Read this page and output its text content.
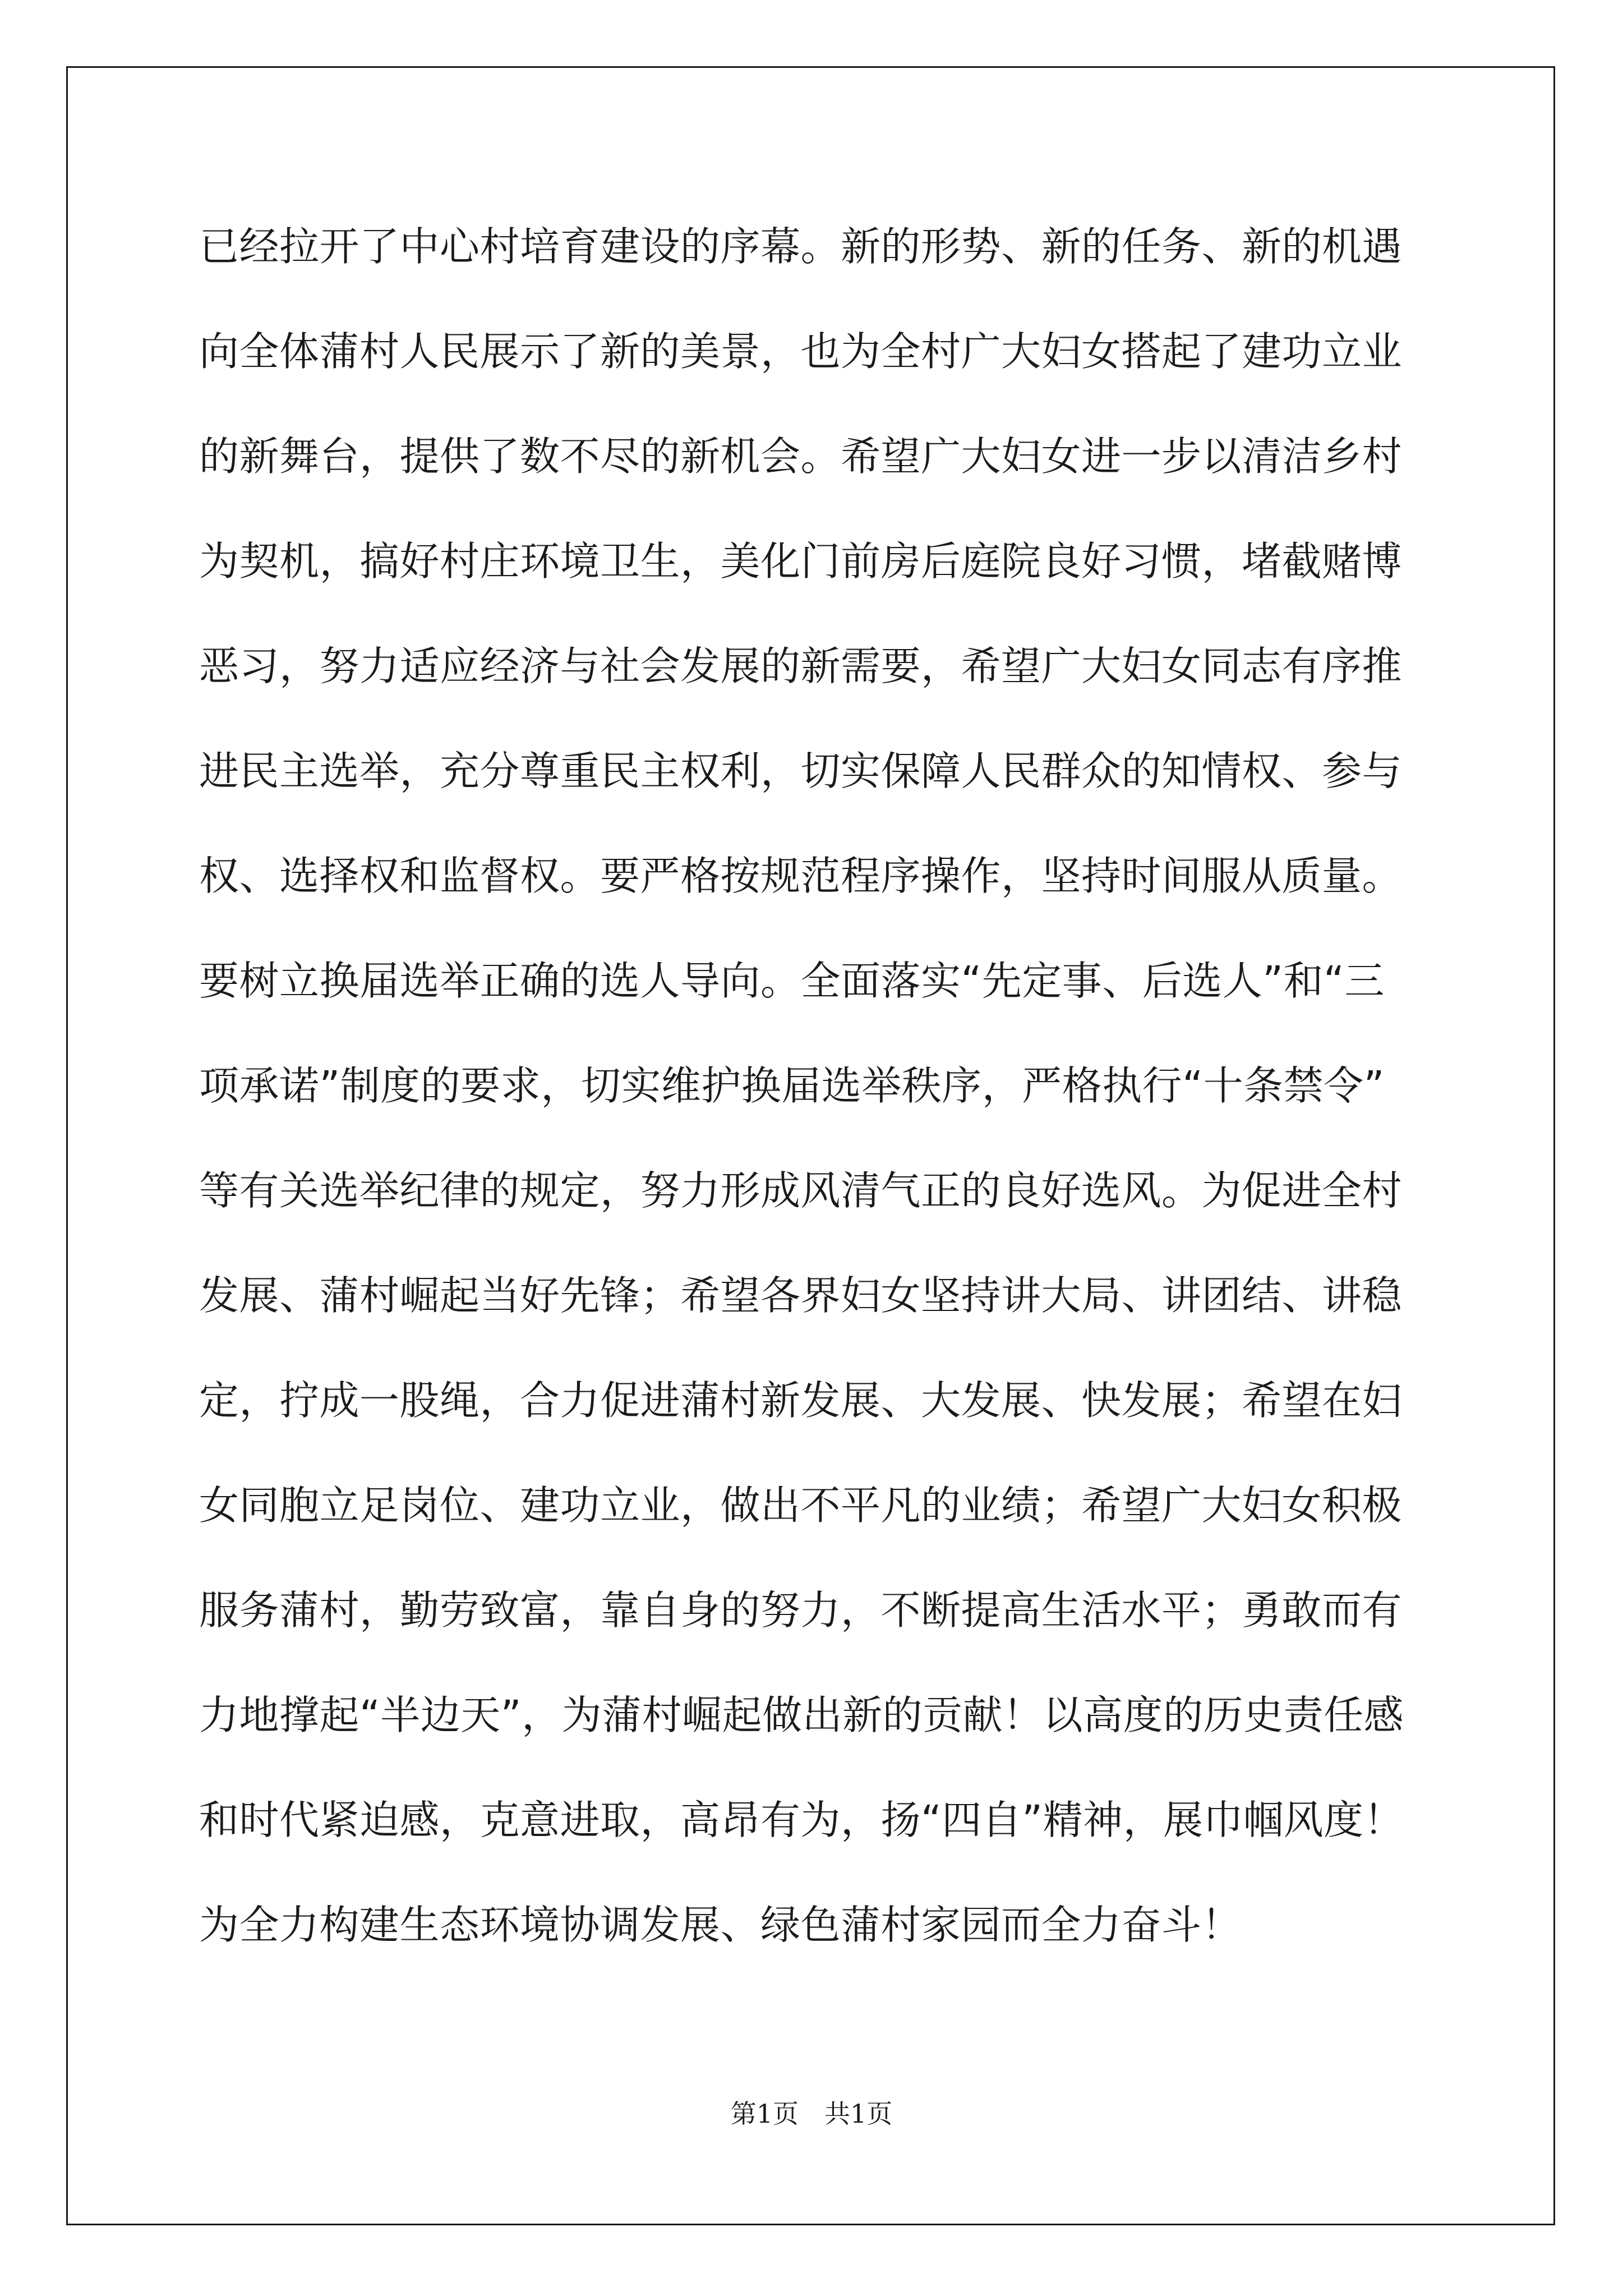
已经拉开了中心村培育建设的序幕。新的形势、新的任务、新的机遇
向全体蒲村人民展示了新的美景，也为全村广大妇女搭起了建功立业
的新舞台，提供了数不尽的新机会。希望广大妇女进一步以清洁乡村
为契机，搞好村庄环境卫生，美化门前房后庭院良好习惯，堵截赌博
恶习，努力适应经济与社会发展的新需要，希望广大妇女同志有序推
进民主选举，充分尊重民主权利，切实保障人民群众的知情权、参与
权、选择权和监督权。要严格按规范程序操作，坚持时间服从质量。
要树立换届选举正确的选人导向。全面落实“先定事、后选人”和“三
项承诺”制度的要求，切实维护换届选举秩序，严格执行“十条禁令”
等有关选举纪律的规定，努力形成风清气正的良好选风。为促进全村
发展、蒲村崛起当好先锋；希望各界妇女坚持讲大局、讲团结、讲稳
定，拧成一股绳，合力促进蒲村新发展、大发展、快发展；希望在妇
女同胞立足岗位、建功立业，做出不平凡的业绩；希望广大妇女积极
服务蒲村，勤劳致富，靠自身的努力，不断提高生活水平；勇敢而有
力地撑起“半边天”，为蒲村崛起做出新的贡献！以高度的历史责任感
和时代紧迫感，克意进取，高昂有为，扬“四自”精神，展巾帼风度！
为全力构建生态环境协调发展、绿色蒲村家园而全力奋斗！
第1页　共1页
